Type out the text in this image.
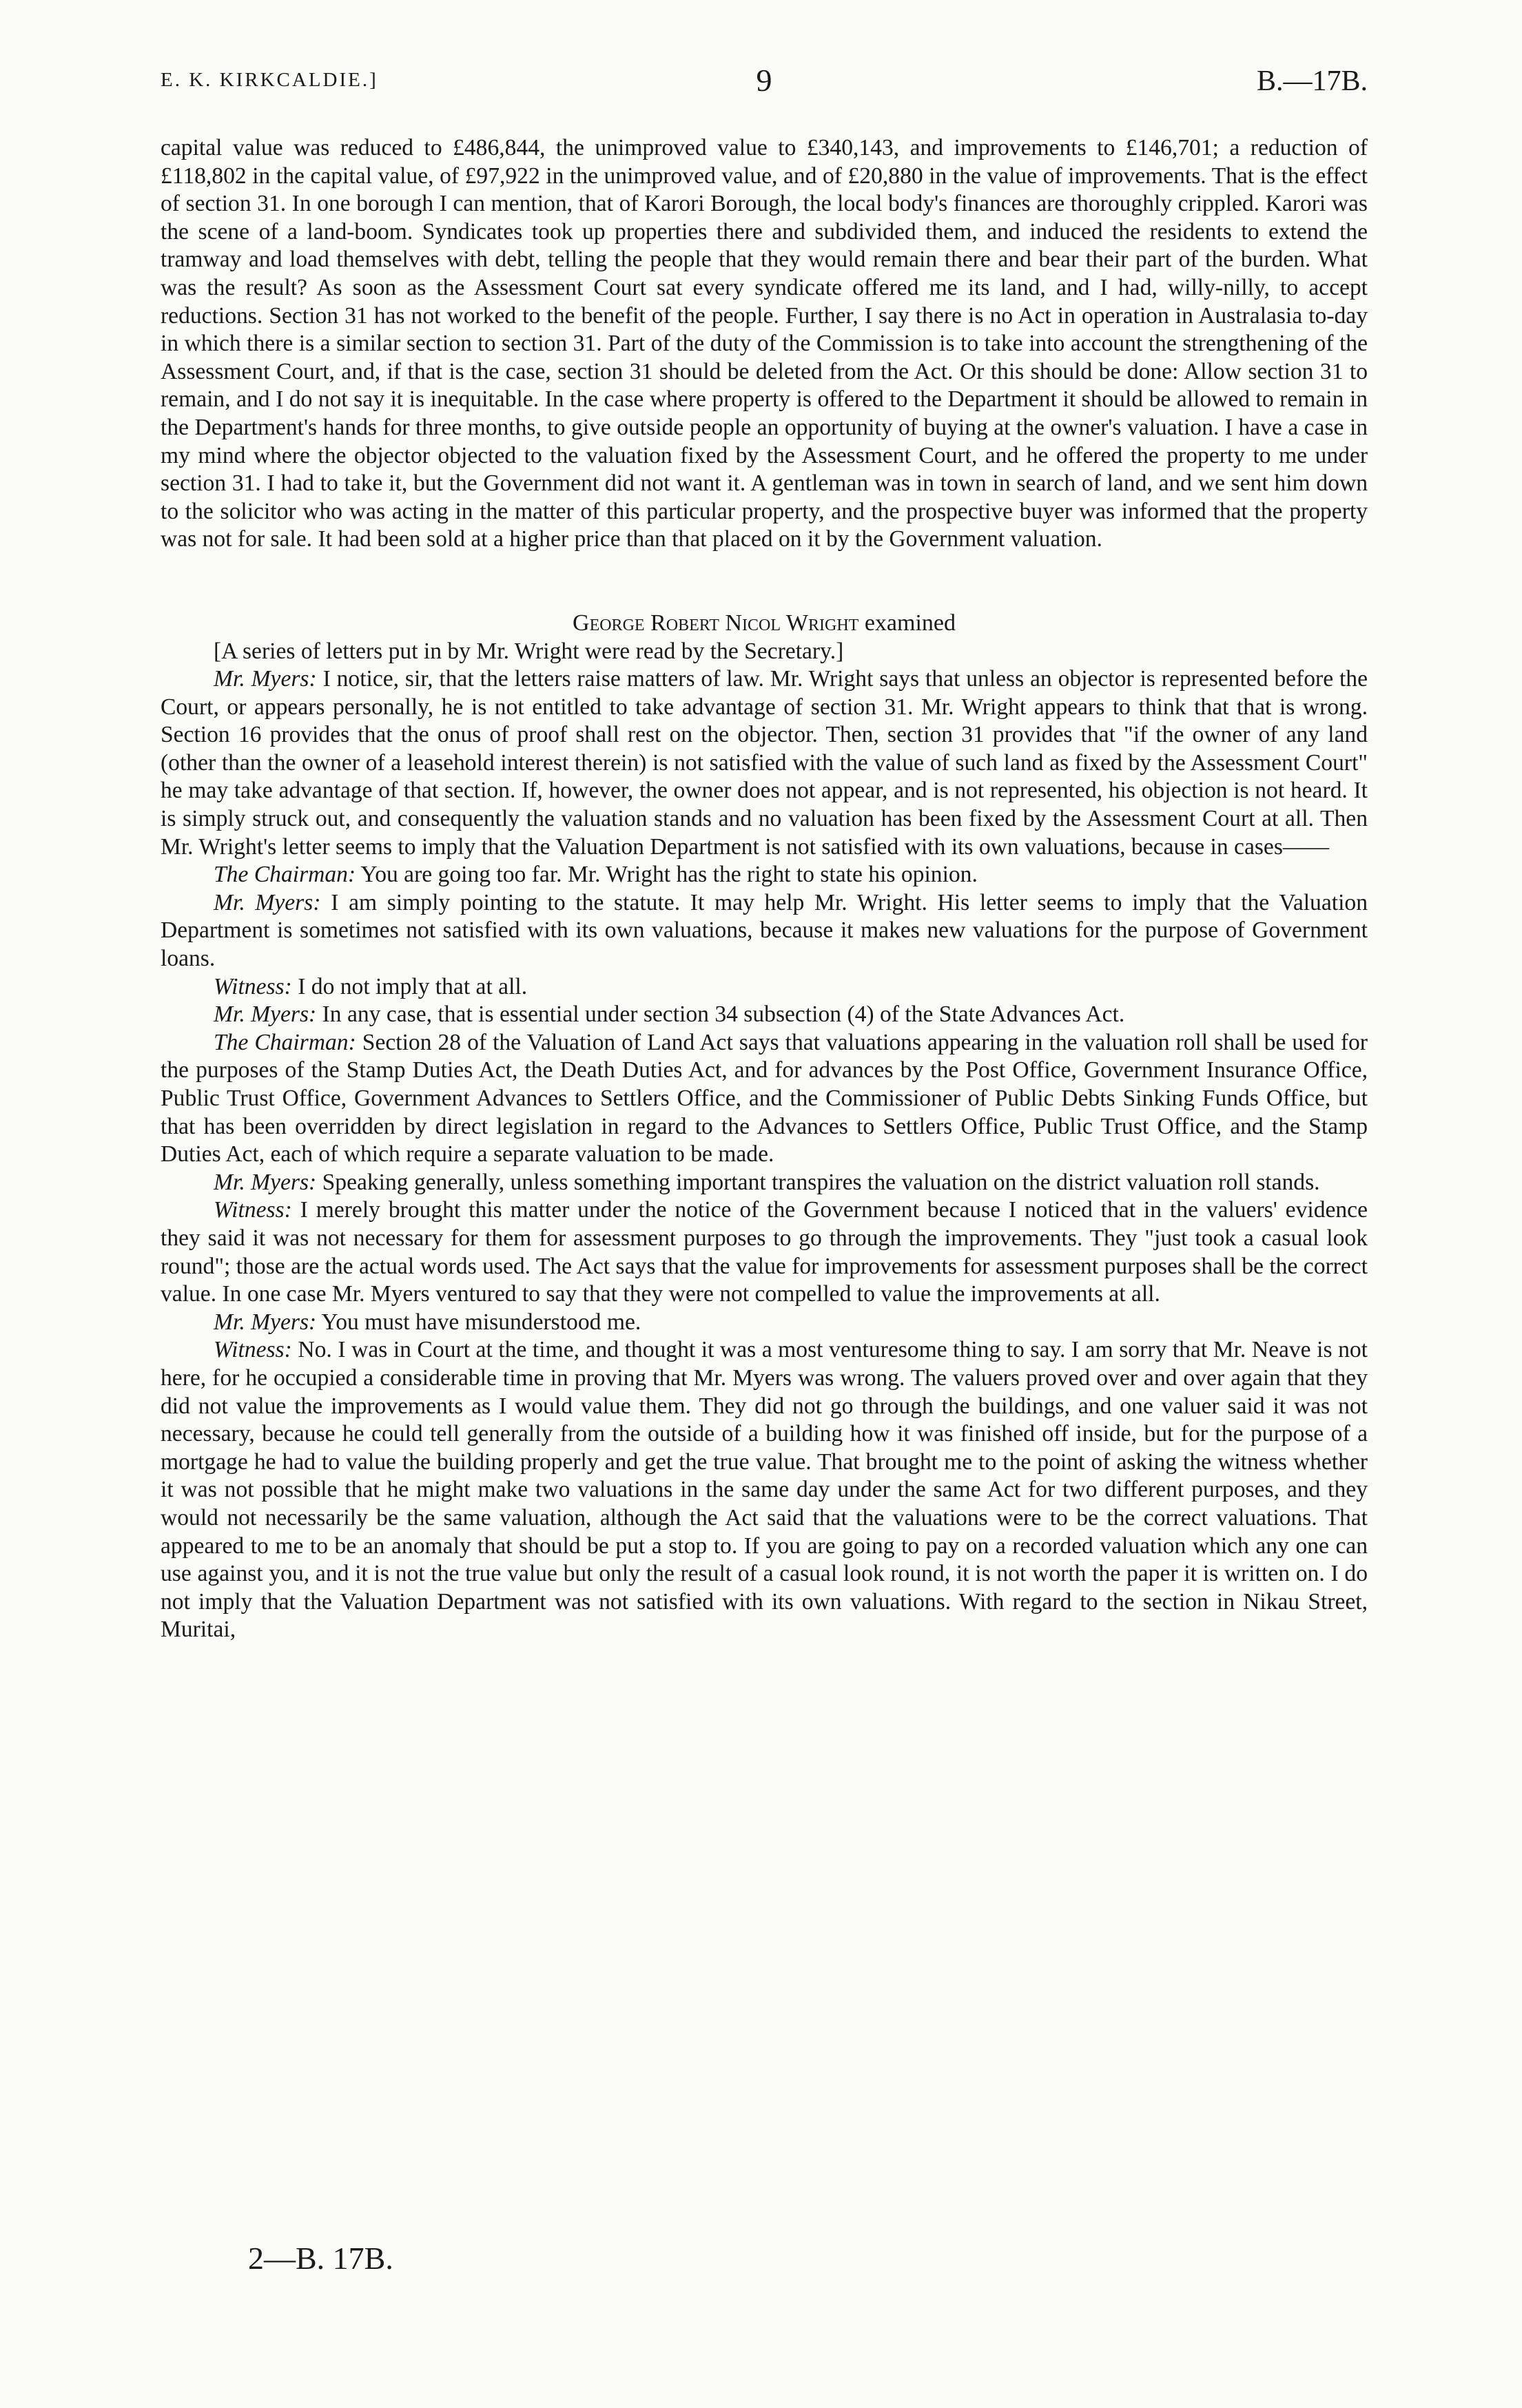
E. K. KIRKCALDIE.]	9	B.—17B.

capital value was reduced to £486,844, the unimproved value to £340,143, and improvements to £146,701; a reduction of £118,802 in the capital value, of £97,922 in the unimproved value, and of £20,880 in the value of improvements. That is the effect of section 31. In one borough I can mention, that of Karori Borough, the local body's finances are thoroughly crippled. Karori was the scene of a land-boom. Syndicates took up properties there and subdivided them, and induced the residents to extend the tramway and load themselves with debt, telling the people that they would remain there and bear their part of the burden. What was the result? As soon as the Assessment Court sat every syndicate offered me its land, and I had, willy-nilly, to accept reductions. Section 31 has not worked to the benefit of the people. Further, I say there is no Act in operation in Australasia to-day in which there is a similar section to section 31. Part of the duty of the Commission is to take into account the strengthening of the Assessment Court, and, if that is the case, section 31 should be deleted from the Act. Or this should be done: Allow section 31 to remain, and I do not say it is inequitable. In the case where property is offered to the Department it should be allowed to remain in the Department's hands for three months, to give outside people an opportunity of buying at the owner's valuation. I have a case in my mind where the objector objected to the valuation fixed by the Assessment Court, and he offered the property to me under section 31. I had to take it, but the Government did not want it. A gentleman was in town in search of land, and we sent him down to the solicitor who was acting in the matter of this particular property, and the prospective buyer was informed that the property was not for sale. It had been sold at a higher price than that placed on it by the Government valuation.

George Robert Nicol Wright examined

[A series of letters put in by Mr. Wright were read by the Secretary.]

Mr. Myers: I notice, sir, that the letters raise matters of law. Mr. Wright says that unless an objector is represented before the Court, or appears personally, he is not entitled to take advantage of section 31. Mr. Wright appears to think that that is wrong. Section 16 provides that the onus of proof shall rest on the objector. Then, section 31 provides that "if the owner of any land (other than the owner of a leasehold interest therein) is not satisfied with the value of such land as fixed by the Assessment Court" he may take advantage of that section. If, however, the owner does not appear, and is not represented, his objection is not heard. It is simply struck out, and consequently the valuation stands and no valuation has been fixed by the Assessment Court at all. Then Mr. Wright's letter seems to imply that the Valuation Department is not satisfied with its own valuations, because in cases——

The Chairman: You are going too far. Mr. Wright has the right to state his opinion.

Mr. Myers: I am simply pointing to the statute. It may help Mr. Wright. His letter seems to imply that the Valuation Department is sometimes not satisfied with its own valuations, because it makes new valuations for the purpose of Government loans.

Witness: I do not imply that at all.

Mr. Myers: In any case, that is essential under section 34 subsection (4) of the State Advances Act.

The Chairman: Section 28 of the Valuation of Land Act says that valuations appearing in the valuation roll shall be used for the purposes of the Stamp Duties Act, the Death Duties Act, and for advances by the Post Office, Government Insurance Office, Public Trust Office, Government Advances to Settlers Office, and the Commissioner of Public Debts Sinking Funds Office, but that has been overridden by direct legislation in regard to the Advances to Settlers Office, Public Trust Office, and the Stamp Duties Act, each of which require a separate valuation to be made.

Mr. Myers: Speaking generally, unless something important transpires the valuation on the district valuation roll stands.

Witness: I merely brought this matter under the notice of the Government because I noticed that in the valuers' evidence they said it was not necessary for them for assessment purposes to go through the improvements. They "just took a casual look round"; those are the actual words used. The Act says that the value for improvements for assessment purposes shall be the correct value. In one case Mr. Myers ventured to say that they were not compelled to value the improvements at all.

Mr. Myers: You must have misunderstood me.

Witness: No. I was in Court at the time, and thought it was a most venturesome thing to say. I am sorry that Mr. Neave is not here, for he occupied a considerable time in proving that Mr. Myers was wrong. The valuers proved over and over again that they did not value the improvements as I would value them. They did not go through the buildings, and one valuer said it was not necessary, because he could tell generally from the outside of a building how it was finished off inside, but for the purpose of a mortgage he had to value the building properly and get the true value. That brought me to the point of asking the witness whether it was not possible that he might make two valuations in the same day under the same Act for two different purposes, and they would not necessarily be the same valuation, although the Act said that the valuations were to be the correct valuations. That appeared to me to be an anomaly that should be put a stop to. If you are going to pay on a recorded valuation which any one can use against you, and it is not the true value but only the result of a casual look round, it is not worth the paper it is written on. I do not imply that the Valuation Department was not satisfied with its own valuations. With regard to the section in Nikau Street, Muritai,

2—B. 17B.
